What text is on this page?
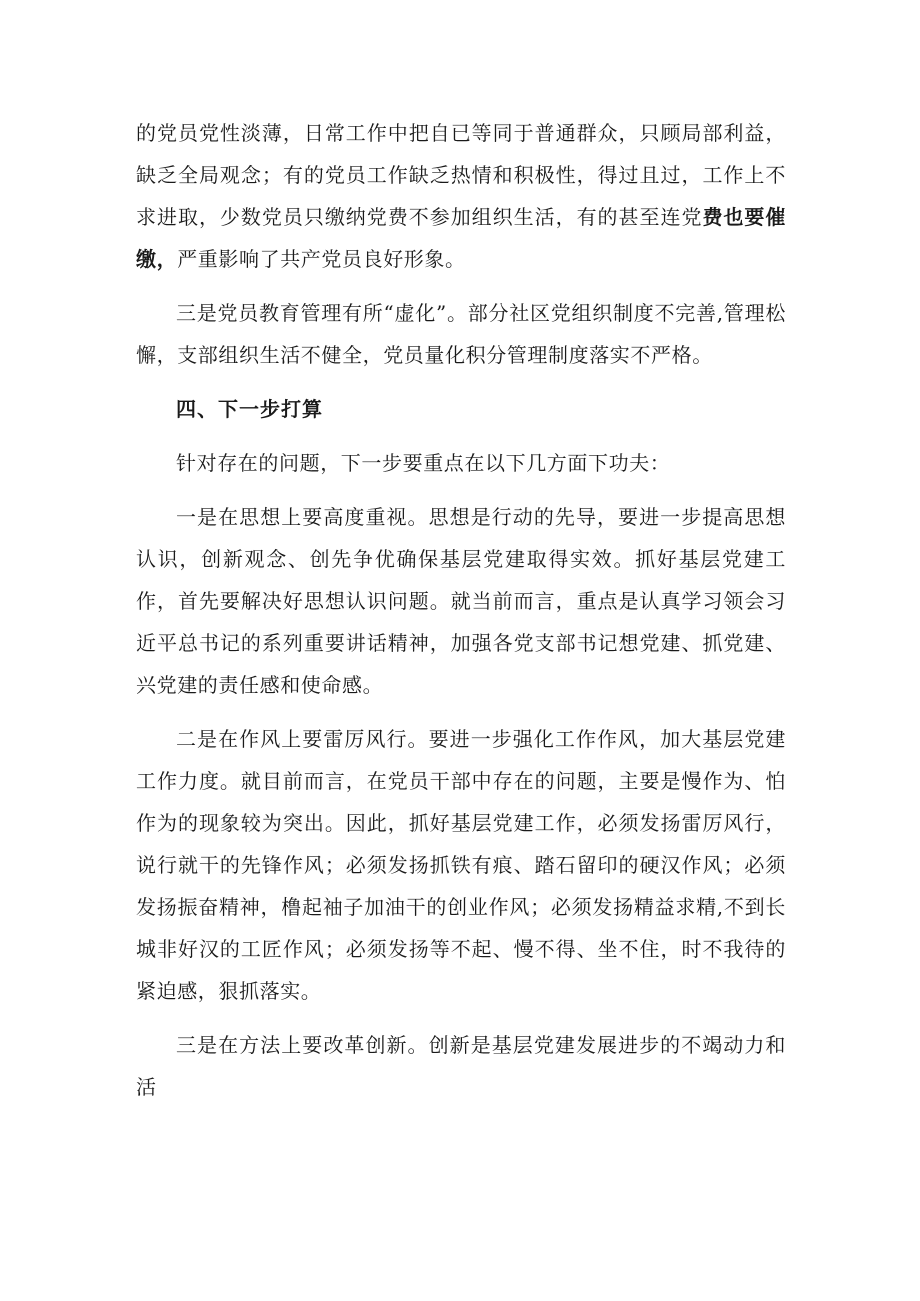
的党员党性淡薄，日常工作中把自已等同于普通群众，只顾局部利益，缺乏全局观念；有的党员工作缺乏热情和积极性，得过且过，工作上不求进取，少数党员只缴纳党费不参加组织生活，有的甚至连党费也要催缴，严重影响了共产党员良好形象。

三是党员教育管理有所“虚化”。部分社区党组织制度不完善,管理松懈，支部组织生活不健全，党员量化积分管理制度落实不严格。

四、下一步打算

针对存在的问题，下一步要重点在以下几方面下功夫：

一是在思想上要高度重视。思想是行动的先导，要进一步提高思想认识，创新观念、创先争优确保基层党建取得实效。抓好基层党建工作，首先要解决好思想认识问题。就当前而言，重点是认真学习领会习近平总书记的系列重要讲话精神，加强各党支部书记想党建、抓党建、兴党建的责任感和使命感。

二是在作风上要雷厉风行。要进一步强化工作作风，加大基层党建工作力度。就目前而言，在党员干部中存在的问题，主要是慢作为、怕作为的现象较为突出。因此，抓好基层党建工作，必须发扬雷厉风行，说行就干的先锋作风；必须发扬抓铁有痕、踏石留印的硬汉作风；必须发扬振奋精神，橹起袖子加油干的创业作风；必须发扬精益求精,不到长城非好汉的工匠作风；必须发扬等不起、慢不得、坐不住，时不我待的紧迫感，狠抓落实。

三是在方法上要改革创新。创新是基层党建发展进步的不竭动力和活
